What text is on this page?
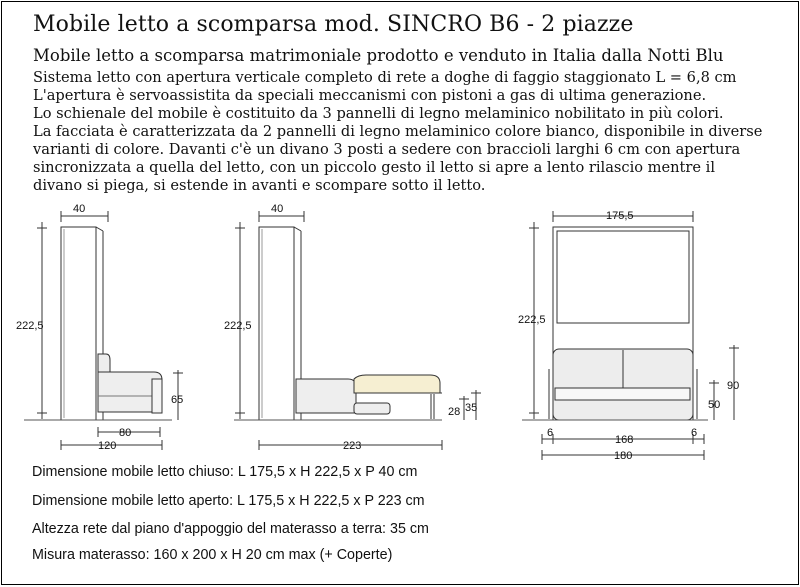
Mobile letto a scomparsa mod. SINCRO B6 - 2 piazze
Mobile letto a scomparsa matrimoniale prodotto e venduto in Italia dalla Notti Blu
Sistema letto con apertura verticale completo di rete a doghe di faggio staggionato L = 6,8 cm
L'apertura è servoassistita da speciali meccanismi con pistoni a gas di ultima generazione.
Lo schienale del mobile è costituito da 3 pannelli di legno melaminico nobilitato in più colori.
La facciata è caratterizzata da 2 pannelli di legno melaminico colore bianco, disponibile in diverse
varianti di colore. Davanti c'è un divano 3 posti a sedere con braccioli larghi 6 cm con apertura
sincronizzata a quella del letto, con un piccolo gesto il letto si apre a lento rilascio mentre il
divano si piega, si estende in avanti e scompare sotto il letto.
40
222,5
65
80
120
40
222,5
28 35
223
175,5
222,5
90
50
6
168
6
180
Dimensione mobile letto chiuso: L 175,5 x H 222,5 x P 40 cm
Dimensione mobile letto aperto: L 175,5 x H 222,5 x P 223 cm
Altezza rete dal piano d'appoggio del materasso a terra: 35 cm
Misura materasso: 160 x 200 x H 20 cm max (+ Coperte)
